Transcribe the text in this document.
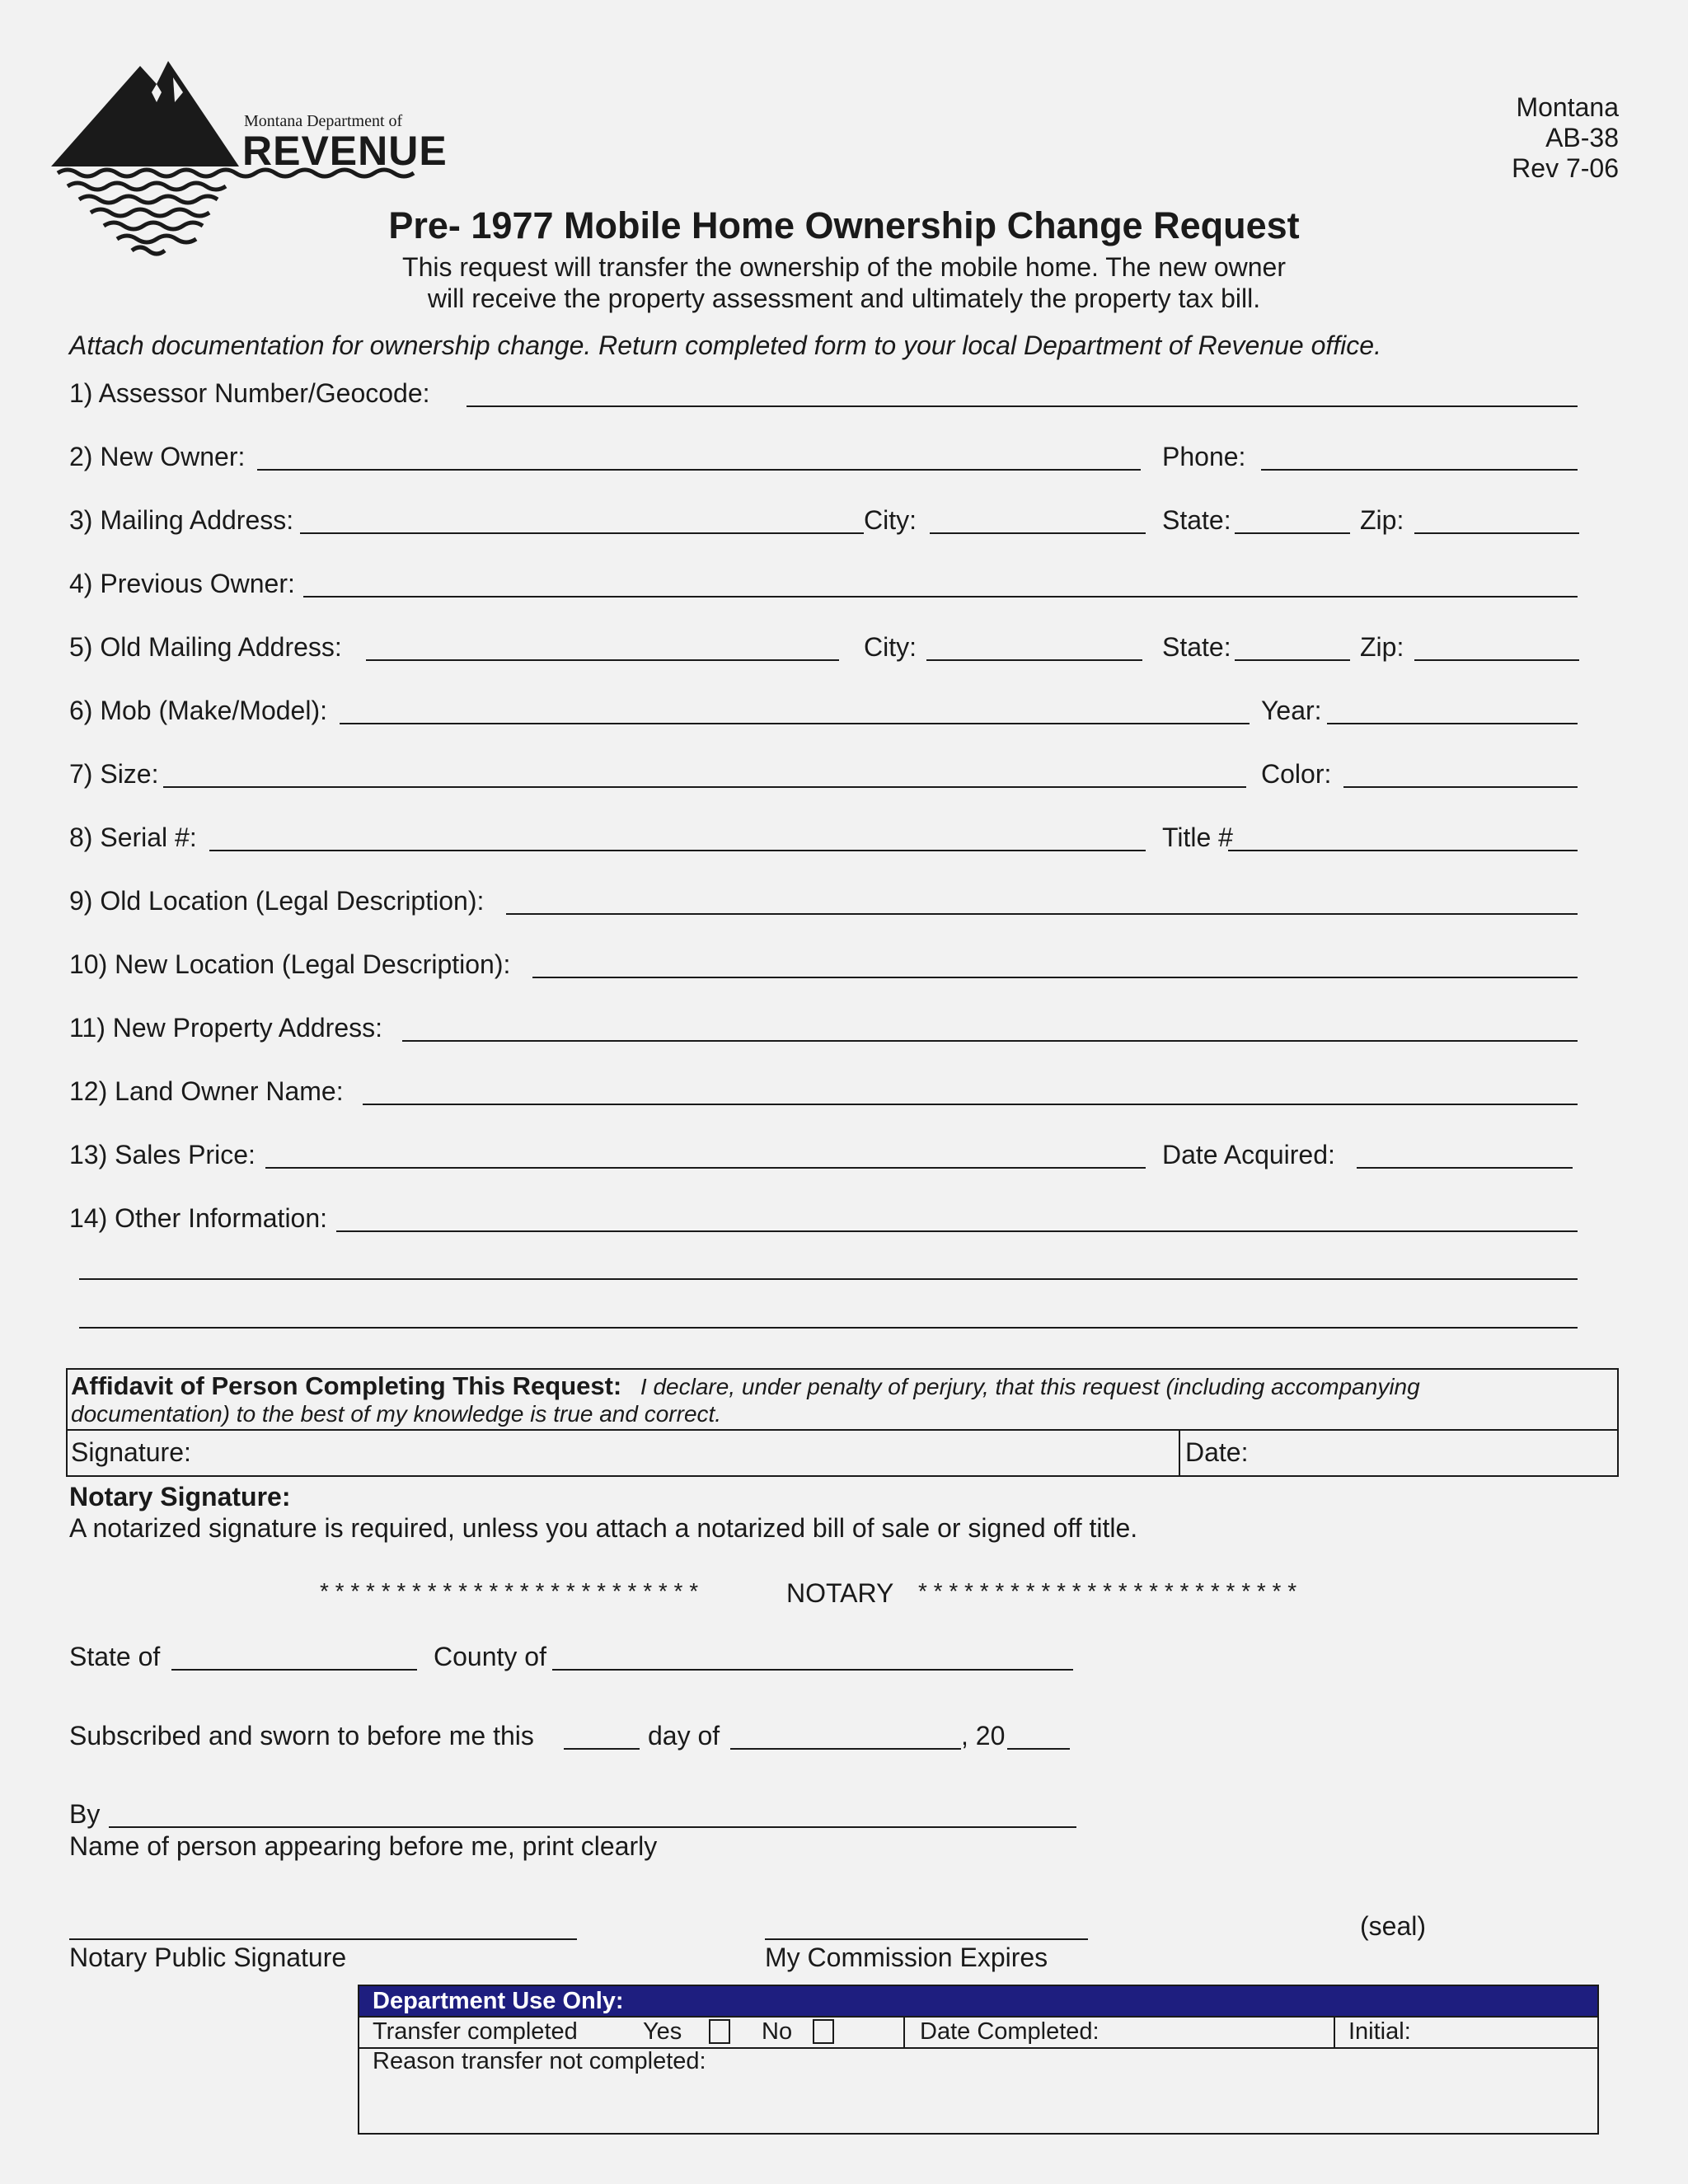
Montana Department of
REVENUE
Montana
AB-38
Rev 7-06
Pre- 1977 Mobile Home Ownership Change Request
This request will transfer the ownership of the mobile home. The new owner
will receive the property assessment and ultimately the property tax bill.
Attach documentation for ownership change. Return completed form to your local Department of Revenue office.
1) Assessor Number/Geocode:
2) New Owner:	Phone:
3) Mailing Address:	City:	State:	Zip:
4) Previous Owner:
5) Old Mailing Address:	City:	State:	Zip:
6) Mob (Make/Model):	Year:
7) Size:	Color:
8) Serial #:	Title #
9) Old Location (Legal Description):
10) New Location (Legal Description):
11) New Property Address:
12) Land Owner Name:
13) Sales Price:	Date Acquired:
14) Other Information:
Affidavit of Person Completing This Request: I declare, under penalty of perjury, that this request (including accompanying
documentation) to the best of my knowledge is true and correct.
Signature:	Date:
Notary Signature:
A notarized signature is required, unless you attach a notarized bill of sale or signed off title.
* * * * * * * * * * * * * * * * * * * * * * * * *	NOTARY * * * * * * * * * * * * * * * * * * * * * * * * *
State of	County of
Subscribed and sworn to before me this	day of	, 20
By
Name of person appearing before me, print clearly
Notary Public Signature	My Commission Expires
(seal)
Department Use Only:
Transfer completed	Yes	No	Date Completed:	Initial:
Reason transfer not completed:
